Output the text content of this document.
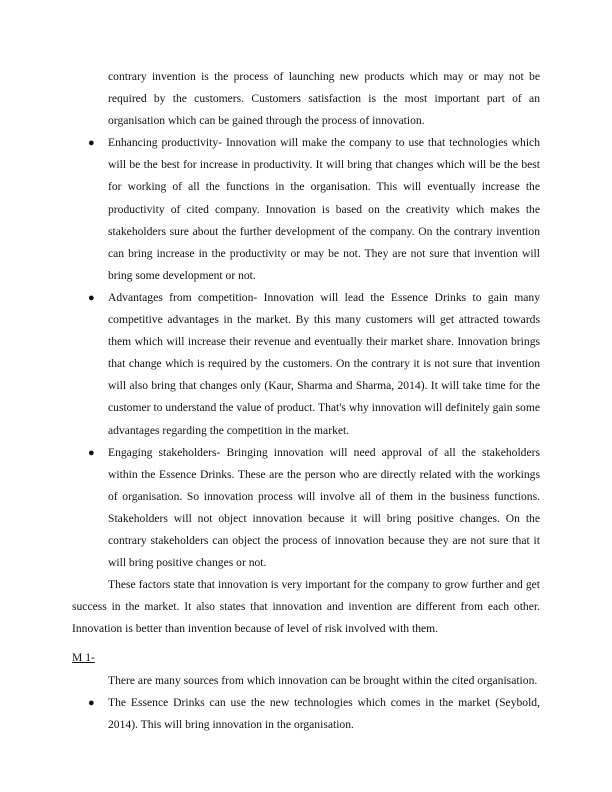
contrary invention is the process of launching new products which may or may not be required by the customers. Customers satisfaction is the most important part of an organisation which can be gained through the process of innovation.

● Enhancing productivity- Innovation will make the company to use that technologies which will be the best for increase in productivity. It will bring that changes which will be the best for working of all the functions in the organisation. This will eventually increase the productivity of cited company. Innovation is based on the creativity which makes the stakeholders sure about the further development of the company. On the contrary invention can bring increase in the productivity or may be not. They are not sure that invention will bring some development or not.
● Advantages from competition- Innovation will lead the Essence Drinks to gain many competitive advantages in the market. By this many customers will get attracted towards them which will increase their revenue and eventually their market share. Innovation brings that change which is required by the customers. On the contrary it is not sure that invention will also bring that changes only (Kaur, Sharma and Sharma, 2014). It will take time for the customer to understand the value of product. That's why innovation will definitely gain some advantages regarding the competition in the market.
● Engaging stakeholders- Bringing innovation will need approval of all the stakeholders within the Essence Drinks. These are the person who are directly related with the workings of organisation. So innovation process will involve all of them in the business functions. Stakeholders will not object innovation because it will bring positive changes. On the contrary stakeholders can object the process of innovation because they are not sure that it will bring positive changes or not.

These factors state that innovation is very important for the company to grow further and get success in the market. It also states that innovation and invention are different from each other. Innovation is better than invention because of level of risk involved with them.

M 1-

There are many sources from which innovation can be brought within the cited organisation.

● The Essence Drinks can use the new technologies which comes in the market (Seybold, 2014). This will bring innovation in the organisation.
